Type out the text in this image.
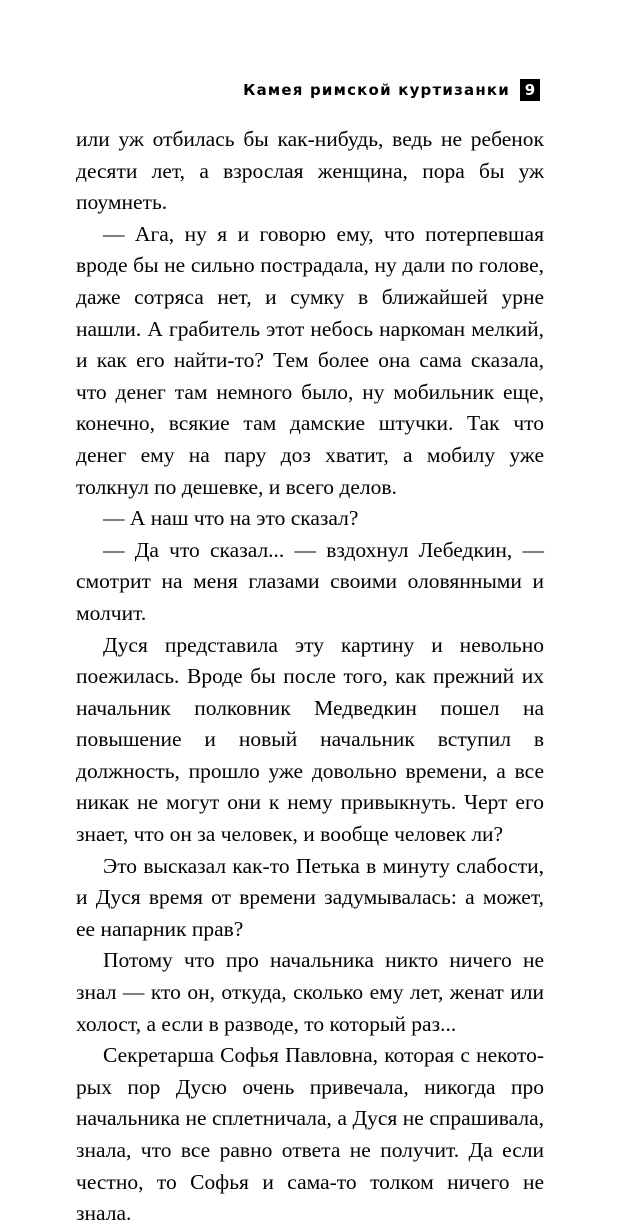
Камея римской куртизанки 9

или уж отбилась бы как-нибудь, ведь не ребенок десяти лет, а взрослая женщина, пора бы уж поумнеть.

— Ага, ну я и говорю ему, что потерпевшая вроде бы не сильно пострадала, ну дали по голове, даже сотряса нет, и сумку в ближайшей урне нашли. А грабитель этот небось наркоман мелкий, и как его найти-то? Тем более она сама сказала, что денег там немного было, ну мобильник еще, конечно, всякие там дамские штучки. Так что денег ему на пару доз хватит, а мобилу уже толкнул по дешевке, и всего делов.

— А наш что на это сказал?

— Да что сказал... — вздохнул Лебедкин, — смотрит на меня глазами своими оловянными и молчит.

Дуся представила эту картину и невольно поежилась. Вроде бы после того, как прежний их начальник полковник Медведкин пошел на повышение и новый начальник вступил в должность, прошло уже довольно времени, а все никак не могут они к нему привыкнуть. Черт его знает, что он за человек, и вообще человек ли?

Это высказал как-то Петька в минуту слабости, и Дуся время от времени задумывалась: а может, ее напарник прав?

Потому что про начальника никто ничего не знал — кто он, откуда, сколько ему лет, женат или холост, а если в разводе, то который раз...

Секретарша Софья Павловна, которая с некоторых пор Дусю очень привечала, никогда про начальника не сплетничала, а Дуся не спрашивала, знала, что все равно ответа не получит. Да если честно, то Софья и сама-то толком ничего не знала.
